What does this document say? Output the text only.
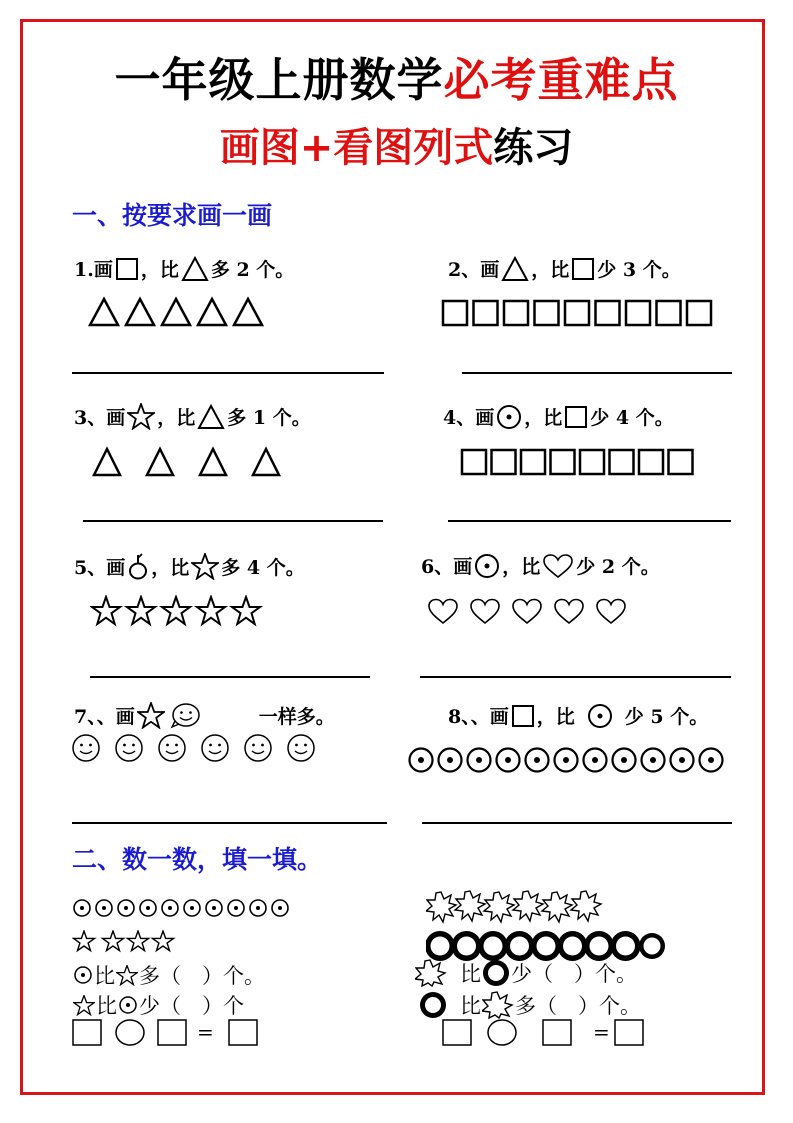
一年级上册数学必考重难点
画图+看图列式练习
一、按要求画一画
1.画 ，比 多 2 个。	2、画 ，比 少 3 个。
3、画 ，比 多 1 个。	4、画 ，比 少 4 个。
5、画 ，比 多 4 个。	6、画 ，比 少 2 个。
7、、画	一样多。	8、、画 ，比	少 5 个。
二、数一数，填一填。
比 多（　）个。
比 少（　）个
=
比 少（　）个。
比 多（　）个。
=
